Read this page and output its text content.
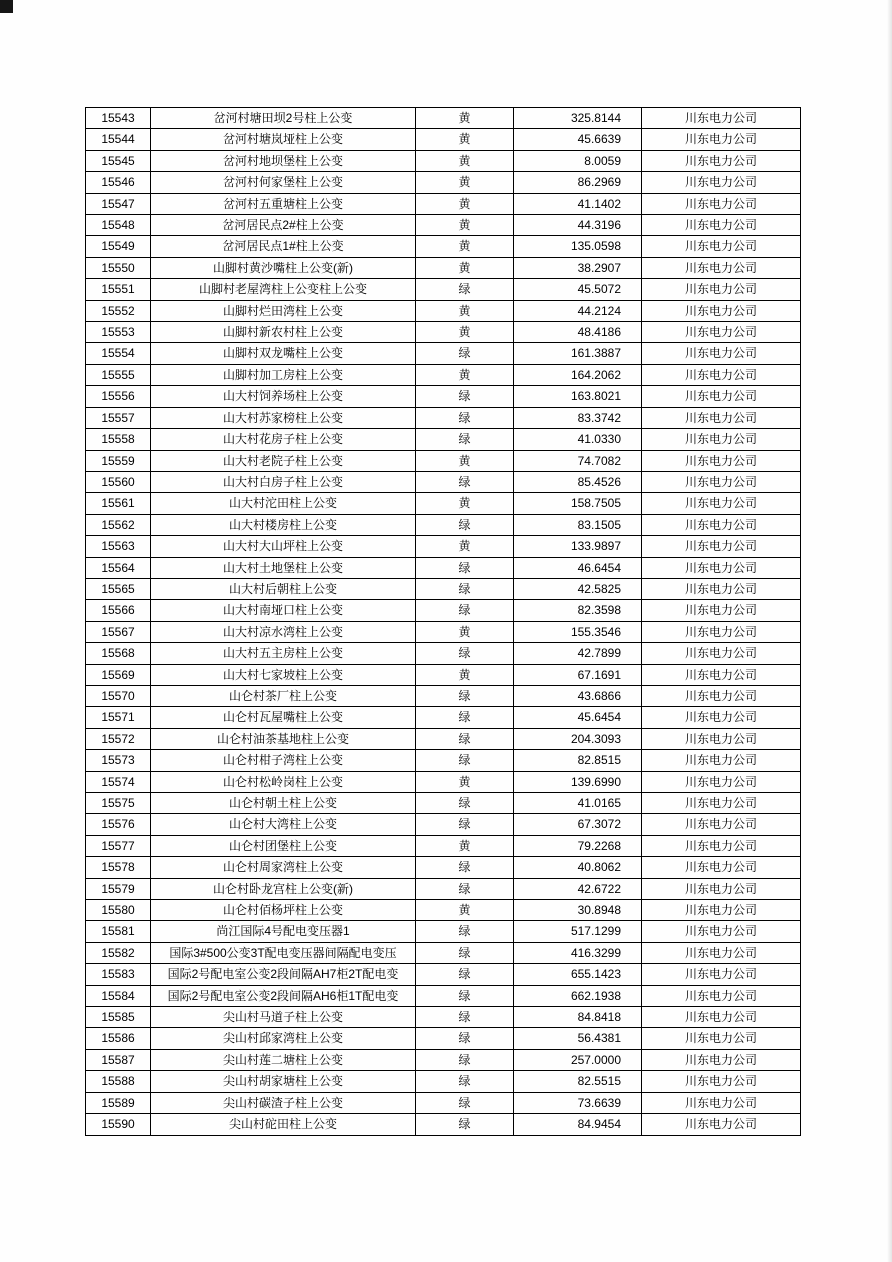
15543	岔河村塘田坝2号柱上公变	黄	325.8144	川东电力公司
15544	岔河村塘岚垭柱上公变	黄	45.6639	川东电力公司
15545	岔河村地坝堡柱上公变	黄	8.0059	川东电力公司
15546	岔河村何家堡柱上公变	黄	86.2969	川东电力公司
15547	岔河村五重塘柱上公变	黄	41.1402	川东电力公司
15548	岔河居民点2#柱上公变	黄	44.3196	川东电力公司
15549	岔河居民点1#柱上公变	黄	135.0598	川东电力公司
15550	山脚村黄沙嘴柱上公变(新)	黄	38.2907	川东电力公司
15551	山脚村老屋湾柱上公变柱上公变	绿	45.5072	川东电力公司
15552	山脚村烂田湾柱上公变	黄	44.2124	川东电力公司
15553	山脚村新农村柱上公变	黄	48.4186	川东电力公司
15554	山脚村双龙嘴柱上公变	绿	161.3887	川东电力公司
15555	山脚村加工房柱上公变	黄	164.2062	川东电力公司
15556	山大村饲养场柱上公变	绿	163.8021	川东电力公司
15557	山大村苏家榜柱上公变	绿	83.3742	川东电力公司
15558	山大村花房子柱上公变	绿	41.0330	川东电力公司
15559	山大村老院子柱上公变	黄	74.7082	川东电力公司
15560	山大村白房子柱上公变	绿	85.4526	川东电力公司
15561	山大村沱田柱上公变	黄	158.7505	川东电力公司
15562	山大村楼房柱上公变	绿	83.1505	川东电力公司
15563	山大村大山坪柱上公变	黄	133.9897	川东电力公司
15564	山大村土地堡柱上公变	绿	46.6454	川东电力公司
15565	山大村后朝柱上公变	绿	42.5825	川东电力公司
15566	山大村南垭口柱上公变	绿	82.3598	川东电力公司
15567	山大村凉水湾柱上公变	黄	155.3546	川东电力公司
15568	山大村五主房柱上公变	绿	42.7899	川东电力公司
15569	山大村七家坡柱上公变	黄	67.1691	川东电力公司
15570	山仑村茶厂柱上公变	绿	43.6866	川东电力公司
15571	山仑村瓦屋嘴柱上公变	绿	45.6454	川东电力公司
15572	山仑村油茶基地柱上公变	绿	204.3093	川东电力公司
15573	山仑村柑子湾柱上公变	绿	82.8515	川东电力公司
15574	山仑村松岭岗柱上公变	黄	139.6990	川东电力公司
15575	山仑村朝土柱上公变	绿	41.0165	川东电力公司
15576	山仑村大湾柱上公变	绿	67.3072	川东电力公司
15577	山仑村团堡柱上公变	黄	79.2268	川东电力公司
15578	山仑村周家湾柱上公变	绿	40.8062	川东电力公司
15579	山仑村卧龙宫柱上公变(新)	绿	42.6722	川东电力公司
15580	山仑村佰杨坪柱上公变	黄	30.8948	川东电力公司
15581	尚江国际4号配电变压器1	绿	517.1299	川东电力公司
15582	国际3#500公变3T配电变压器间隔配电变压	绿	416.3299	川东电力公司
15583	国际2号配电室公变2段间隔AH7柜2T配电变	绿	655.1423	川东电力公司
15584	国际2号配电室公变2段间隔AH6柜1T配电变	绿	662.1938	川东电力公司
15585	尖山村马道子柱上公变	绿	84.8418	川东电力公司
15586	尖山村邱家湾柱上公变	绿	56.4381	川东电力公司
15587	尖山村莲二塘柱上公变	绿	257.0000	川东电力公司
15588	尖山村胡家塘柱上公变	绿	82.5515	川东电力公司
15589	尖山村碳渣子柱上公变	绿	73.6639	川东电力公司
15590	尖山村砣田柱上公变	绿	84.9454	川东电力公司
